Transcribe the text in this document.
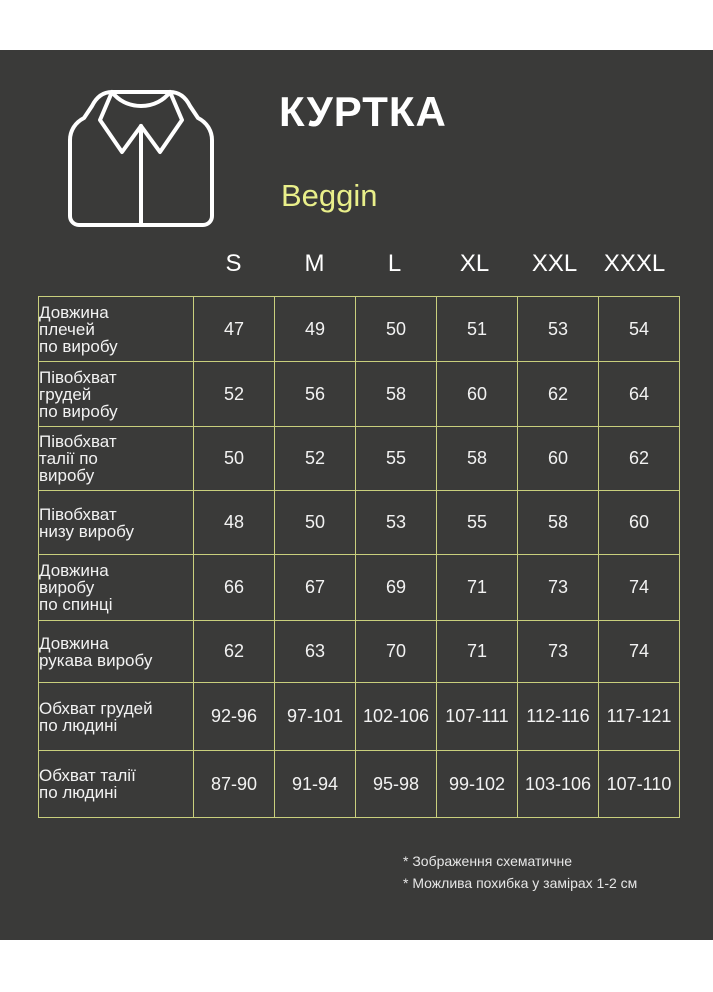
КУРТКА
Beggin
S	M	L	XL	XXL	XXXL
Довжина
плечей
по виробу	47	49	50	51	53	54

Півобхват
грудей
по виробу	52	56	58	60	62	64

Півобхват
талії по
виробу	50	52	55	58	60	62

Півобхват
низу виробу	48	50	53	55	58	60

Довжина
виробу
по спинці	66	67	69	71	73	74

Довжина
рукава виробу	62	63	70	71	73	74

Обхват грудей
по людині	92-96	97-101	102-106	107-111	112-116	117-121

Обхват талії
по людині	87-90	91-94	95-98	99-102	103-106	107-110
* Зображення схематичне
* Можлива похибка у замірах 1-2 см
